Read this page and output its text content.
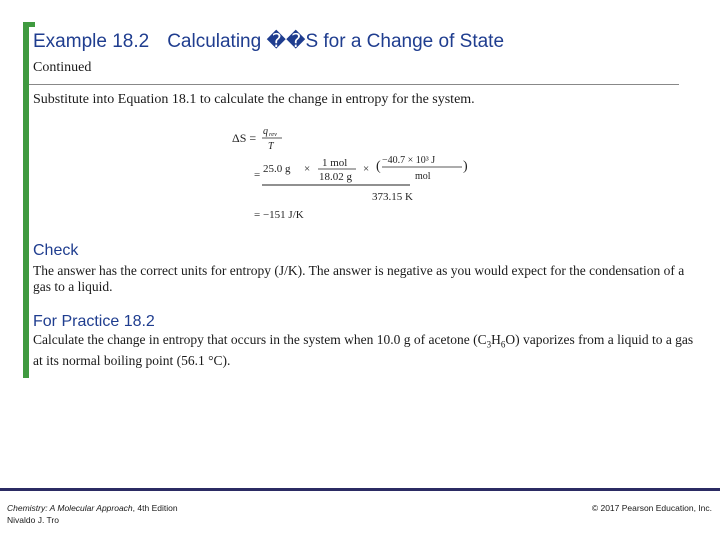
Example 18.2 Calculating ��S for a Change of State
Continued
Substitute into Equation 18.1 to calculate the change in entropy for the system.
ΔS = q rev
T
= 25.0 g × 1 mol
18.02 g
× ( −40.7 × 10³ J
mol
)
373.15 K
= −151 J/K
Check
The answer has the correct units for entropy (J/K). The answer is negative as you would expect for the condensation of a gas to a liquid.
For Practice 18.2
Calculate the change in entropy that occurs in the system when 10.0 g of acetone $(C_3H_6O)$ vaporizes from a liquid to a gas at its normal boiling point (56.1 °C).
Chemistry: A Molecular Approach, 4th Edition
Nivaldo J. Tro
© 2017 Pearson Education, Inc.
